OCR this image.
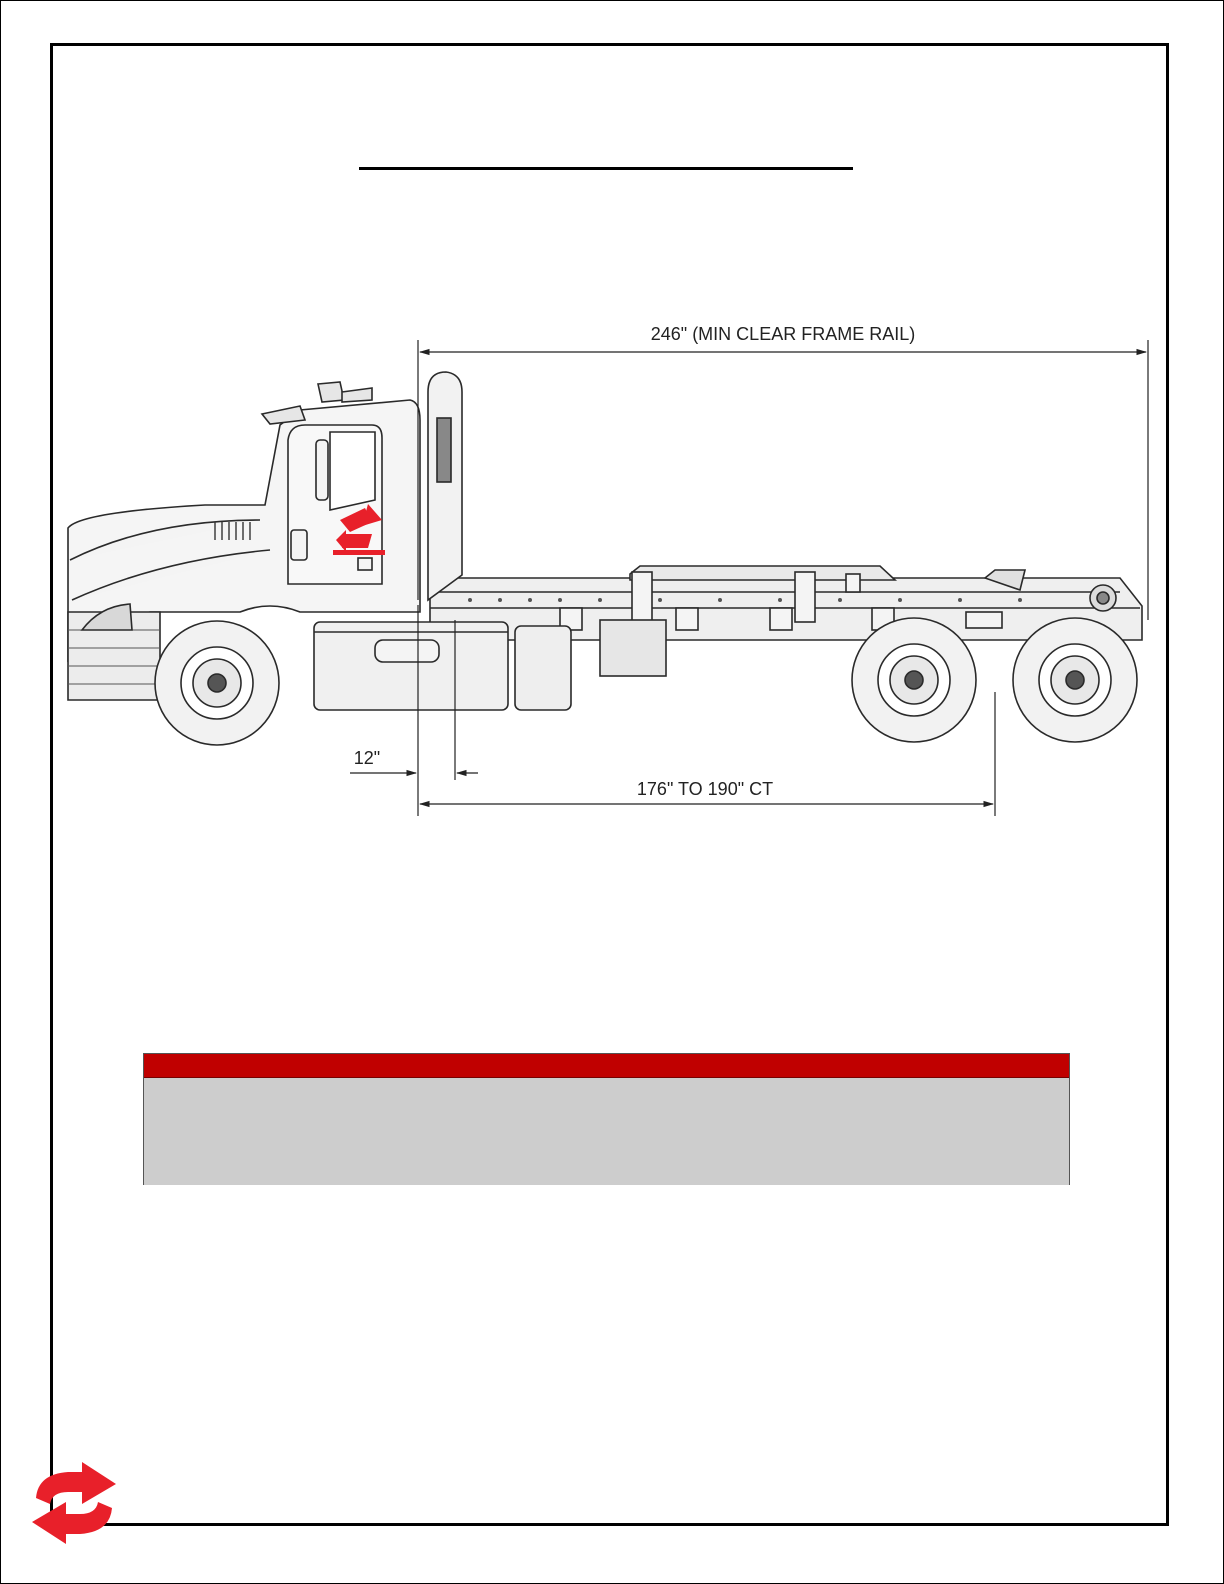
246" (MIN CLEAR FRAME RAIL)
12"
176" TO 190" CT
